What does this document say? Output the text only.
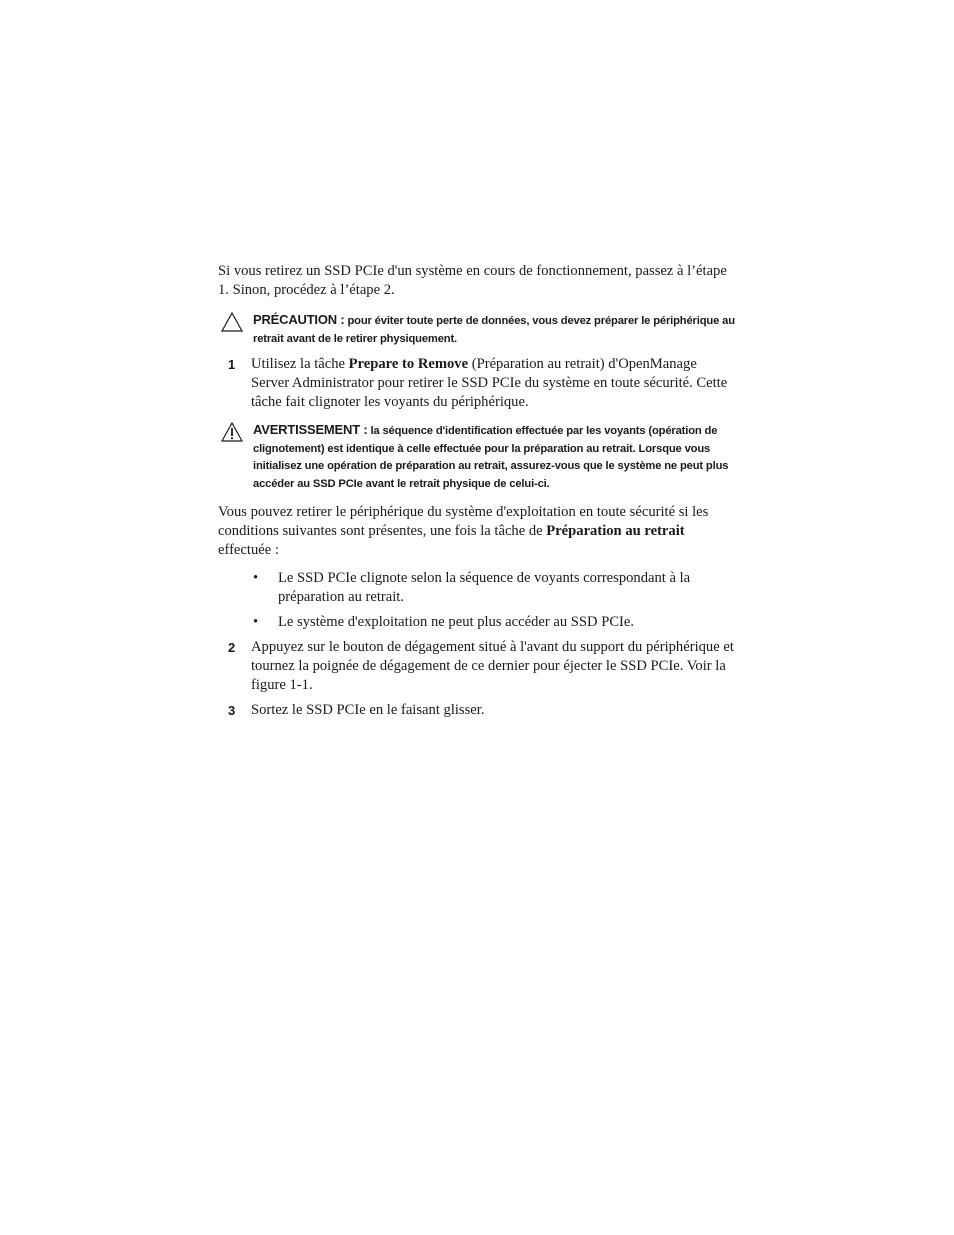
Si vous retirez un SSD PCIe d'un système en cours de fonctionnement, passez à l’étape 1. Sinon, procédez à l’étape 2.

PRÉCAUTION : pour éviter toute perte de données, vous devez préparer le périphérique au retrait avant de le retirer physiquement.
1 Utilisez la tâche Prepare to Remove (Préparation au retrait) d'OpenManage Server Administrator pour retirer le SSD PCIe du système en toute sécurité. Cette tâche fait clignoter les voyants du périphérique.
AVERTISSEMENT : la séquence d'identification effectuée par les voyants (opération de clignotement) est identique à celle effectuée pour la préparation au retrait. Lorsque vous initialisez une opération de préparation au retrait, assurez-vous que le système ne peut plus accéder au SSD PCIe avant le retrait physique de celui-ci.
Vous pouvez retirer le périphérique du système d'exploitation en toute sécurité si les conditions suivantes sont présentes, une fois la tâche de Préparation au retrait effectuée :
• Le SSD PCIe clignote selon la séquence de voyants correspondant à la préparation au retrait.
• Le système d'exploitation ne peut plus accéder au SSD PCIe.
2 Appuyez sur le bouton de dégagement situé à l'avant du support du périphérique et tournez la poignée de dégagement de ce dernier pour éjecter le SSD PCIe. Voir la figure 1-1.
3 Sortez le SSD PCIe en le faisant glisser.
